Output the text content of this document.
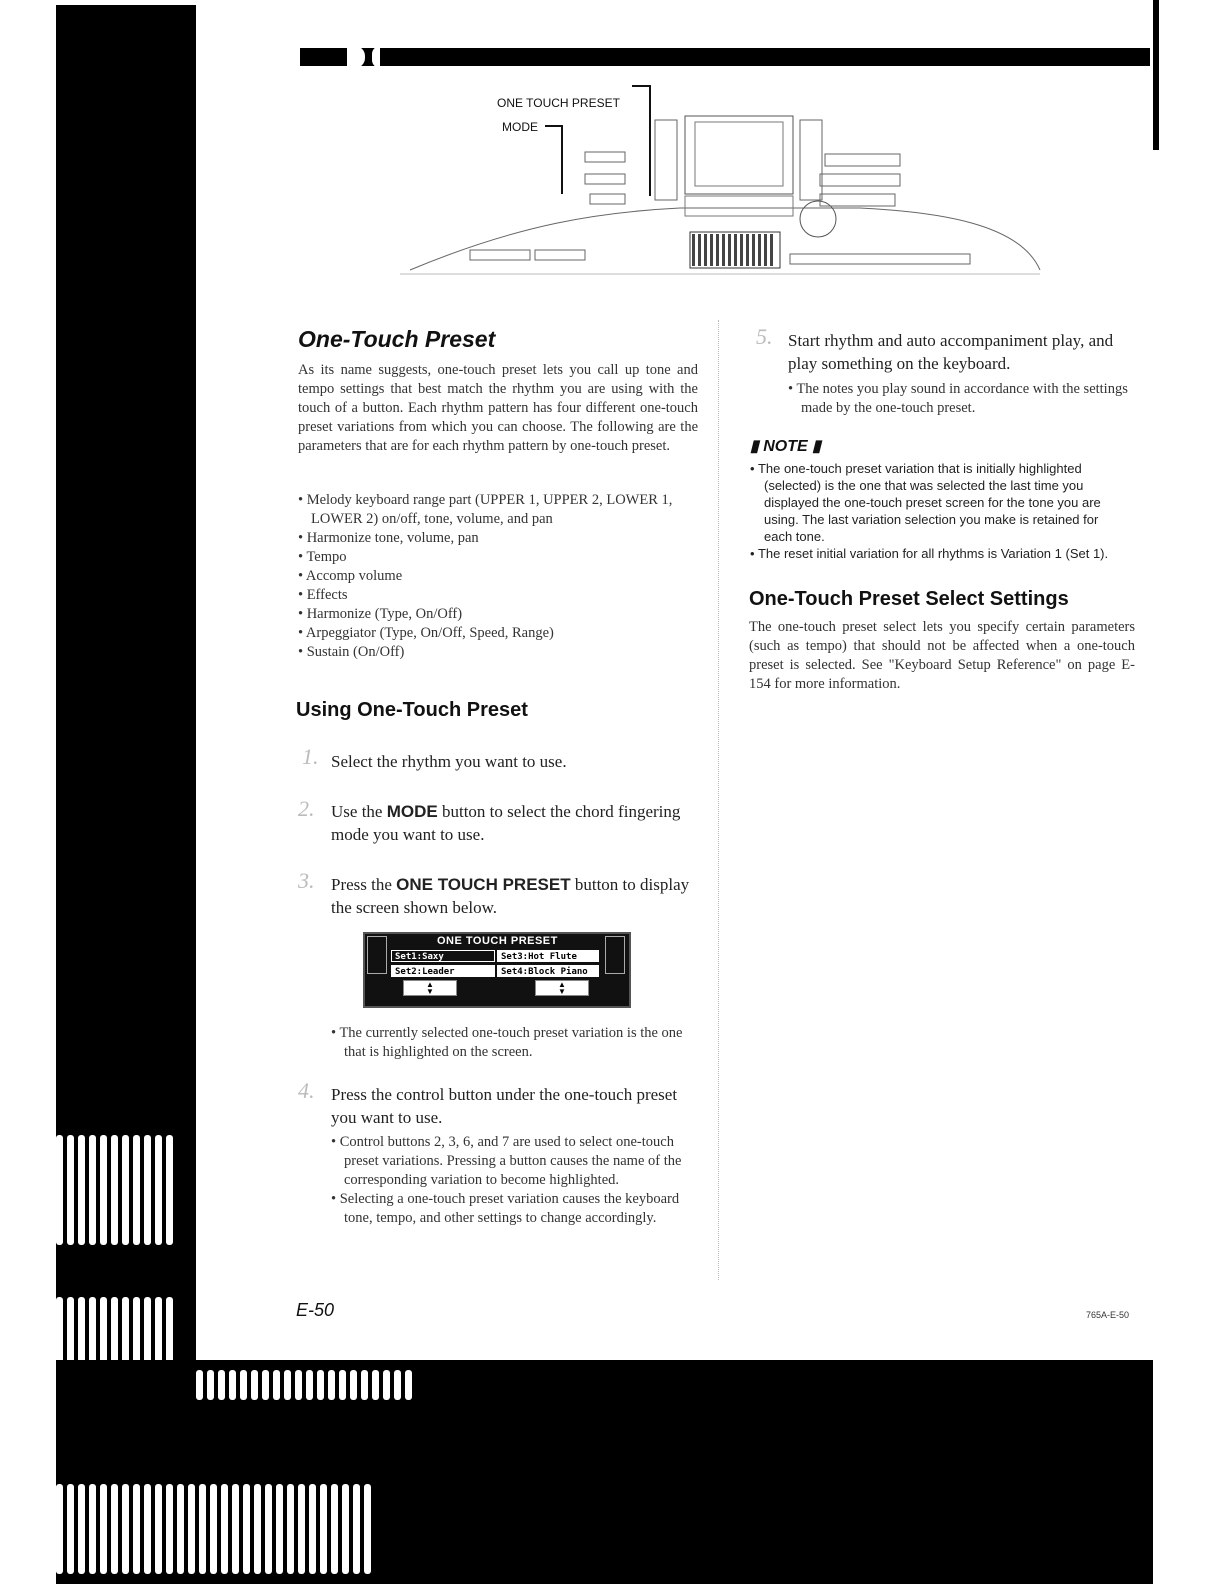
ONE TOUCH PRESET
MODE
One-Touch Preset
As its name suggests, one-touch preset lets you call up tone and tempo settings that best match the rhythm you are using with the touch of a button. Each rhythm pattern has four different one-touch preset variations from which you can choose. The following are the parameters that are for each rhythm pattern by one-touch preset.
• Melody keyboard range part (UPPER 1, UPPER 2, LOWER 1, LOWER 2) on/off, tone, volume, and pan
• Harmonize tone, volume, pan
• Tempo
• Accomp volume
• Effects
• Harmonize (Type, On/Off)
• Arpeggiator (Type, On/Off, Speed, Range)
• Sustain (On/Off)
Using One-Touch Preset
1. Select the rhythm you want to use.
2. Use the MODE button to select the chord fingering mode you want to use.
3. Press the ONE TOUCH PRESET button to display the screen shown below.
ONE TOUCH PRESET
Set1:Saxy
Set2:Leader
Set3:Hot Flute
Set4:Block Piano
▲
▼
▲
▼
• The currently selected one-touch preset variation is the one that is highlighted on the screen.
4. Press the control button under the one-touch preset you want to use.
• Control buttons 2, 3, 6, and 7 are used to select one-touch preset variations. Pressing a button causes the name of the corresponding variation to become highlighted.
• Selecting a one-touch preset variation causes the keyboard tone, tempo, and other settings to change accordingly.
E-50
5. Start rhythm and auto accompaniment play, and play something on the keyboard.
• The notes you play sound in accordance with the settings made by the one-touch preset.
▮ NOTE ▮
• The one-touch preset variation that is initially highlighted (selected) is the one that was selected the last time you displayed the one-touch preset screen for the tone you are using. The last variation selection you make is retained for each tone.
• The reset initial variation for all rhythms is Variation 1 (Set 1).
One-Touch Preset Select Settings
The one-touch preset select lets you specify certain parameters (such as tempo) that should not be affected when a one-touch preset is selected. See "Keyboard Setup Reference" on page E-154 for more information.
765A-E-50
